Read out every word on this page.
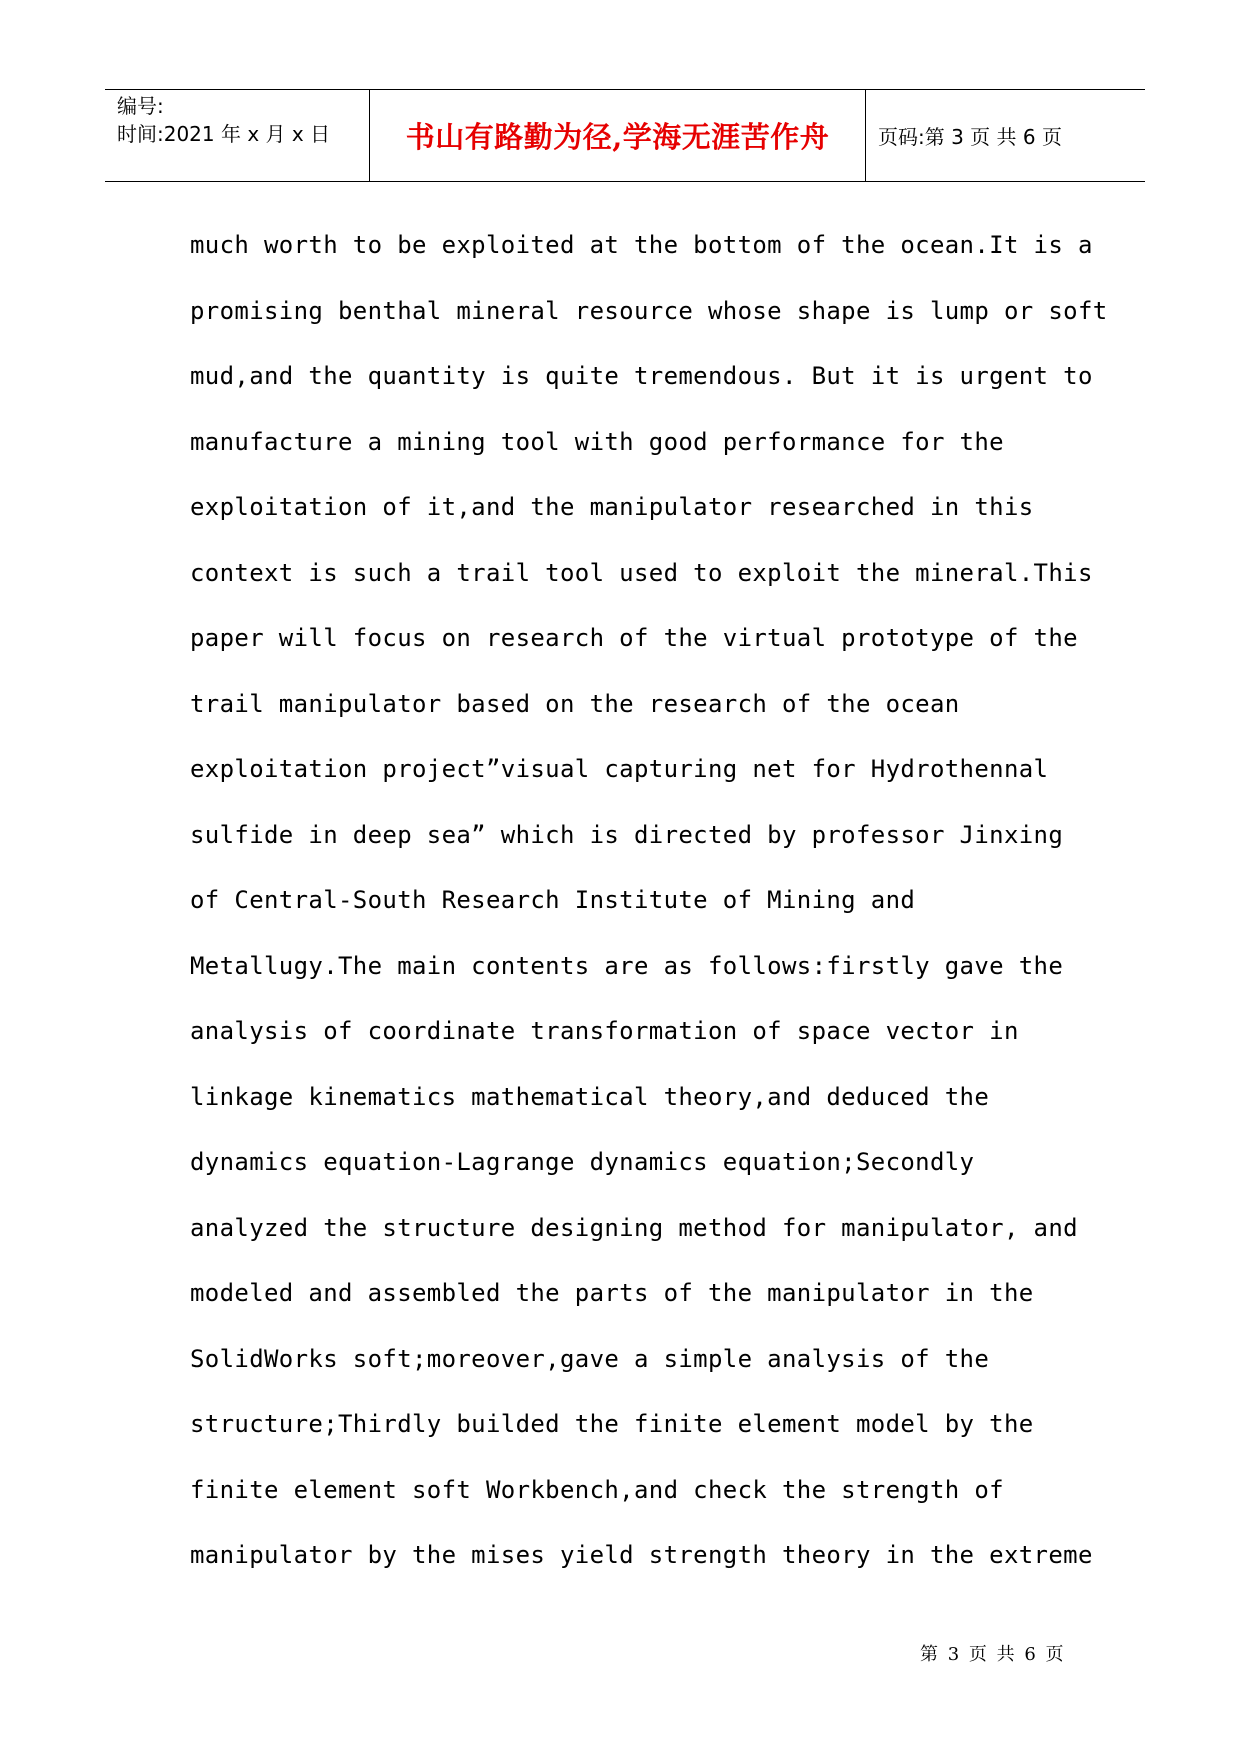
编号:
时间:2021 年 x 月 x 日	书山有路勤为径,学海无涯苦作舟 页码:第 3 页 共 6 页
much worth to be exploited at the bottom of the ocean.It is a
promising benthal mineral resource whose shape is lump or soft
mud,and the quantity is quite tremendous. But it is urgent to
manufacture a mining tool with good performance for the
exploitation of it,and the manipulator researched in this
context is such a trail tool used to exploit the mineral.This
paper will focus on research of the virtual prototype of the
trail manipulator based on the research of the ocean
exploitation project”visual capturing net for Hydrothennal
sulfide in deep sea” which is directed by professor Jinxing
of Central-South Research Institute of Mining and
Metallugy.The main contents are as follows:firstly gave the
analysis of coordinate transformation of space vector in
linkage kinematics mathematical theory,and deduced the
dynamics equation-Lagrange dynamics equation;Secondly
analyzed the structure designing method for manipulator, and
modeled and assembled the parts of the manipulator in the
SolidWorks soft;moreover,gave a simple analysis of the
structure;Thirdly builded the finite element model by the
finite element soft Workbench,and check the strength of
manipulator by the mises yield strength theory in the extreme
第 3 页 共 6 页
